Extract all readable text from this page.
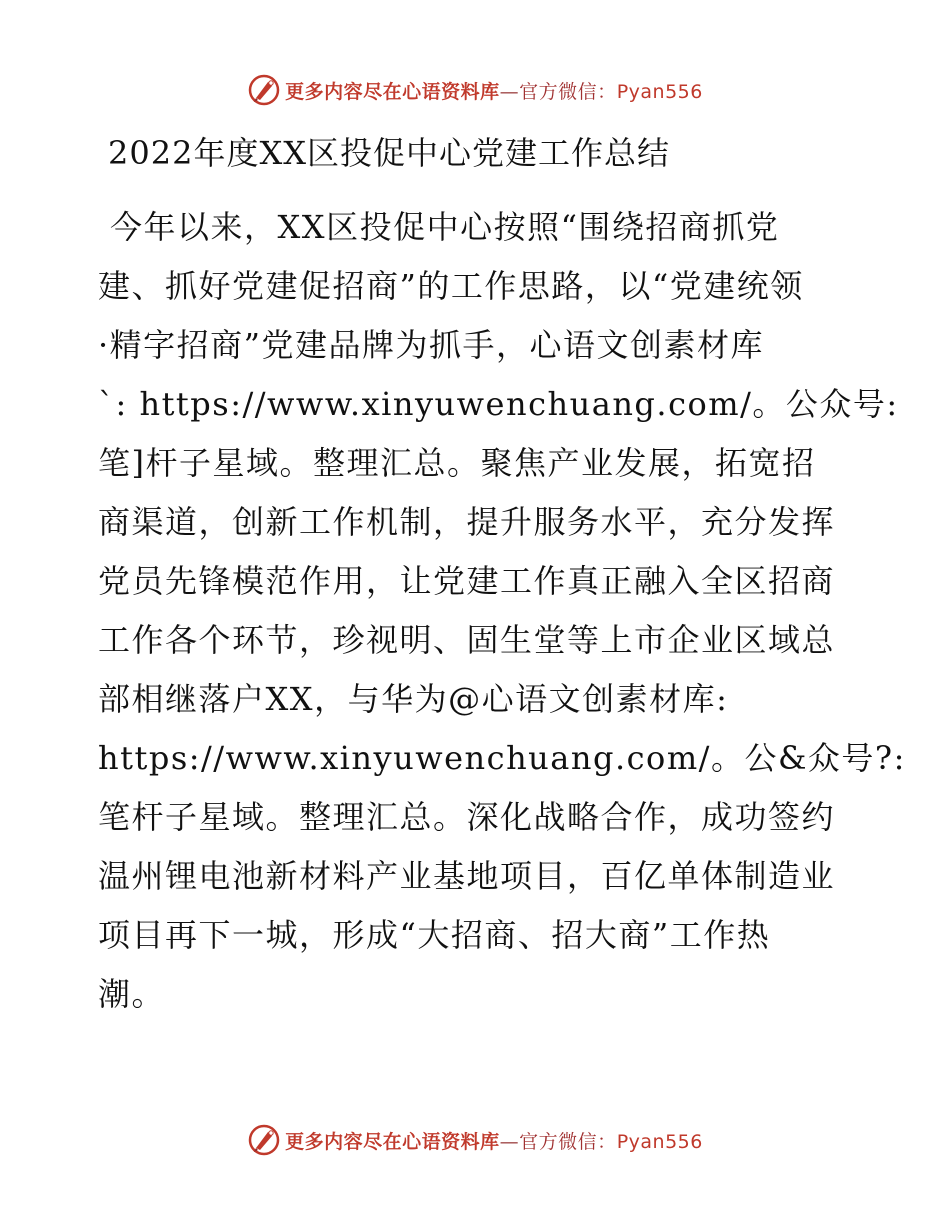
更多内容尽在心语资料库—官方微信：Pyan556
2022年度XX区投促中心党建工作总结
今年以来，XX区投促中心按照“围绕招商抓党
建、抓好党建促招商”的工作思路，以“党建统领
·精字招商”党建品牌为抓手，心语文创素材库
`: https://www.xinyuwenchuang.com/。公众号:
笔]杆子星域。整理汇总。聚焦产业发展，拓宽招
商渠道，创新工作机制，提升服务水平，充分发挥
党员先锋模范作用，让党建工作真正融入全区招商
工作各个环节，珍视明、固生堂等上市企业区域总
部相继落户XX，与华为@心语文创素材库:
https://www.xinyuwenchuang.com/。公&众号?:
笔杆子星域。整理汇总。深化战略合作，成功签约
温州锂电池新材料产业基地项目，百亿单体制造业
项目再下一城，形成“大招商、招大商”工作热
潮。
更多内容尽在心语资料库—官方微信：Pyan556
